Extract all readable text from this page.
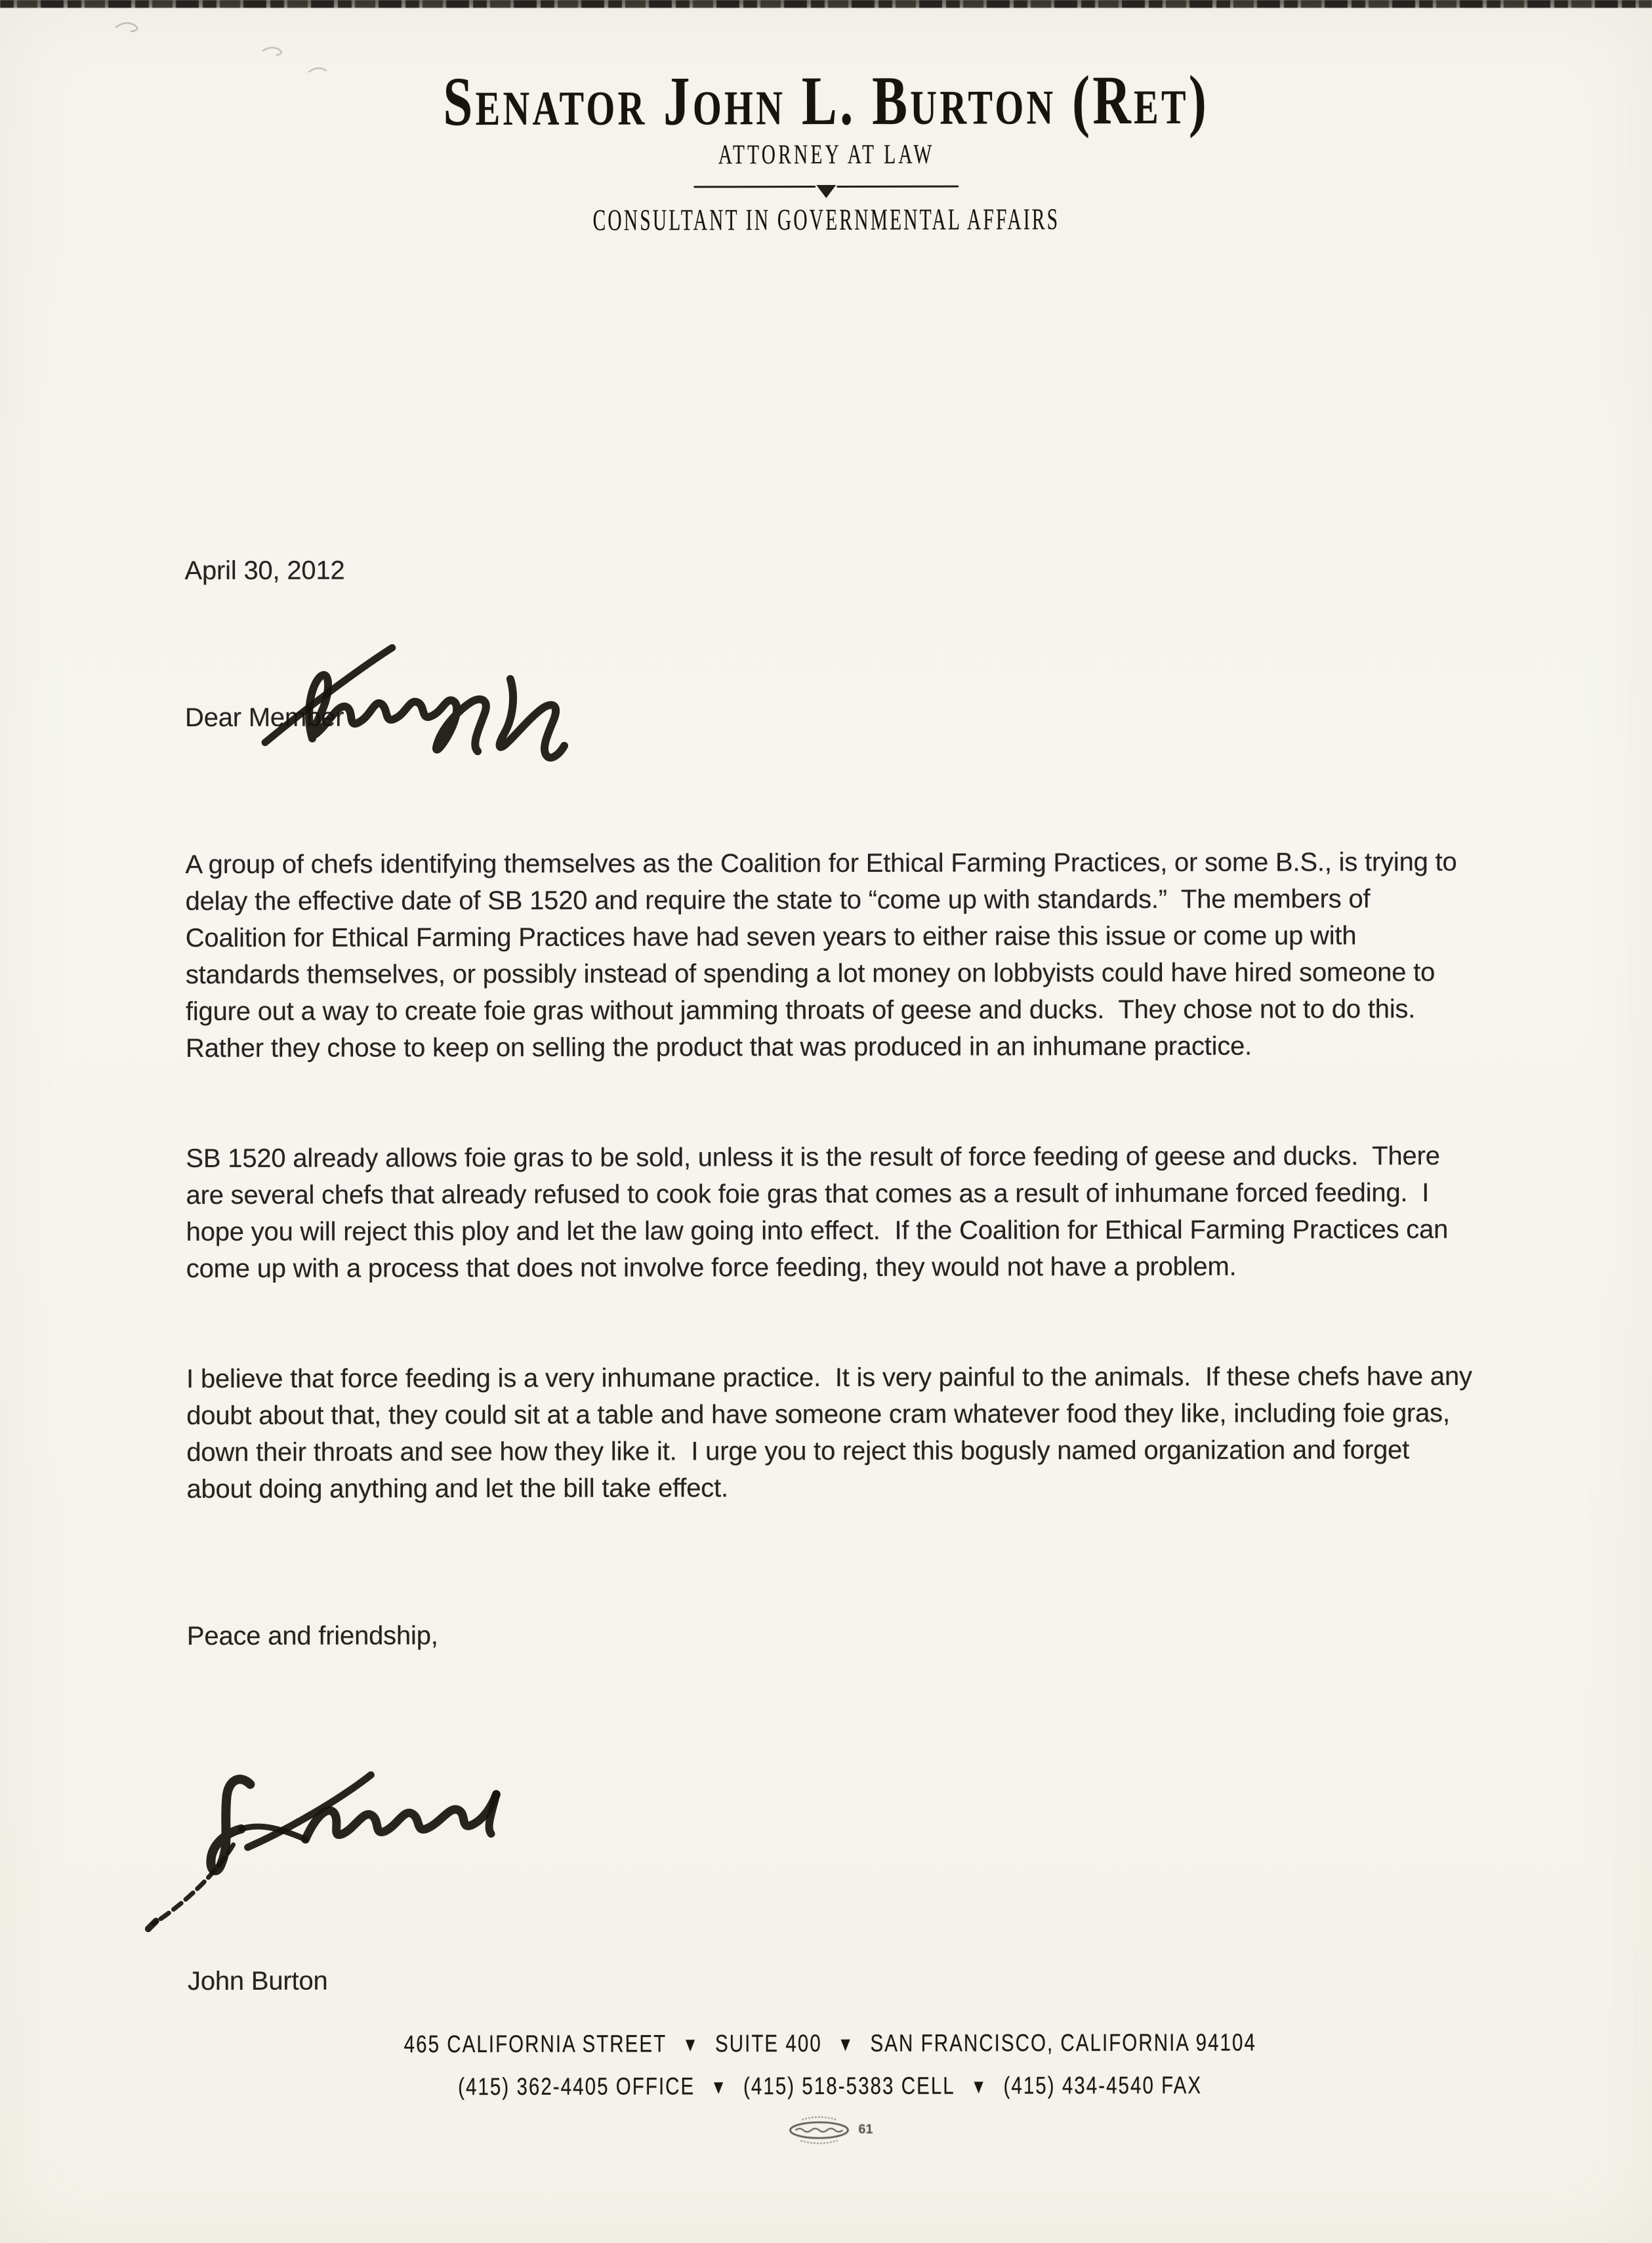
Senator John L. Burton (Ret)
ATTORNEY AT LAW
CONSULTANT IN GOVERNMENTAL AFFAIRS

April 30, 2012

Dear Member

A group of chefs identifying themselves as the Coalition for Ethical Farming Practices, or some B.S., is trying to delay the effective date of SB 1520 and require the state to “come up with standards.”  The members of Coalition for Ethical Farming Practices have had seven years to either raise this issue or come up with standards themselves, or possibly instead of spending a lot money on lobbyists could have hired someone to figure out a way to create foie gras without jamming throats of geese and ducks.  They chose not to do this.  Rather they chose to keep on selling the product that was produced in an inhumane practice.

SB 1520 already allows foie gras to be sold, unless it is the result of force feeding of geese and ducks.  There are several chefs that already refused to cook foie gras that comes as a result of inhumane forced feeding.  I hope you will reject this ploy and let the law going into effect.  If the Coalition for Ethical Farming Practices can come up with a process that does not involve force feeding, they would not have a problem.

I believe that force feeding is a very inhumane practice.  It is very painful to the animals.  If these chefs have any doubt about that, they could sit at a table and have someone cram whatever food they like, including foie gras, down their throats and see how they like it.  I urge you to reject this bogusly named organization and forget about doing anything and let the bill take effect.

Peace and friendship,

John Burton

465 CALIFORNIA STREET ▼ SUITE 400 ▼ SAN FRANCISCO, CALIFORNIA 94104
(415) 362-4405 OFFICE ▼ (415) 518-5383 CELL ▼ (415) 434-4540 FAX
61
